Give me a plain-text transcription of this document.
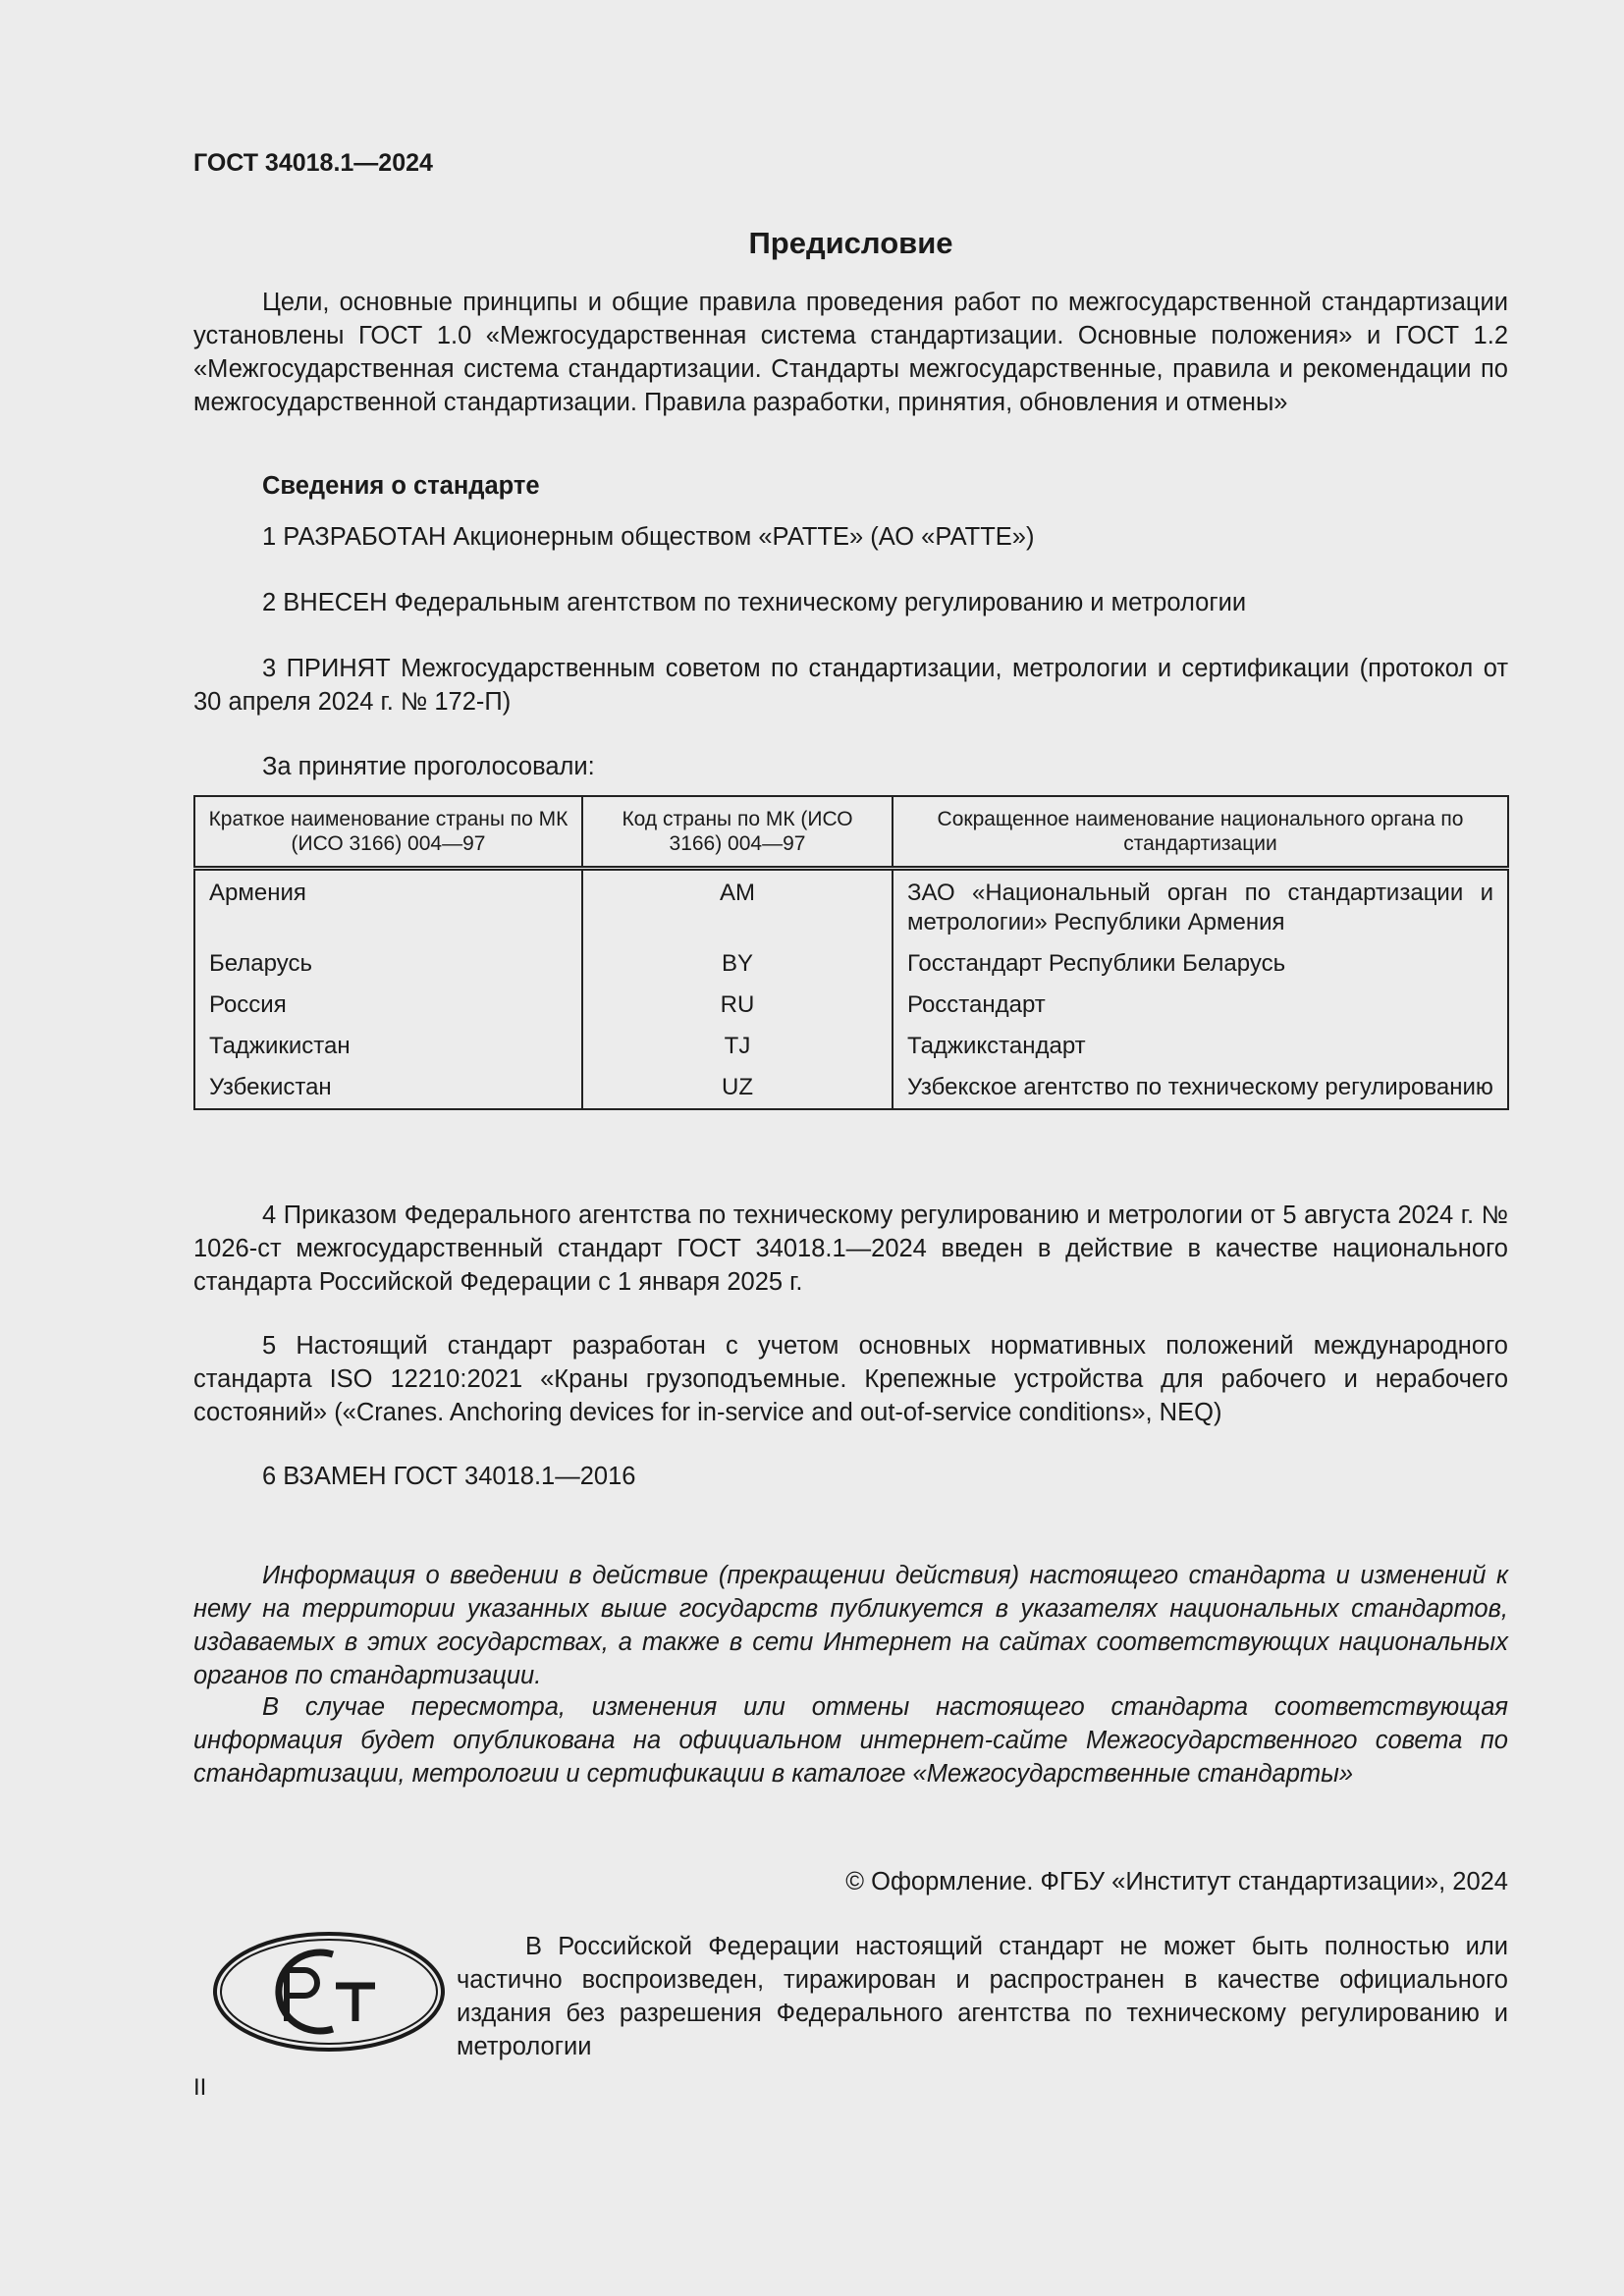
ГОСТ 34018.1—2024
Предисловие
Цели, основные принципы и общие правила проведения работ по межгосударственной стандартизации установлены ГОСТ 1.0 «Межгосударственная система стандартизации. Основные положения» и ГОСТ 1.2 «Межгосударственная система стандартизации. Стандарты межгосударственные, правила и рекомендации по межгосударственной стандартизации. Правила разработки, принятия, обновления и отмены»
Сведения о стандарте
1 РАЗРАБОТАН Акционерным обществом «РАТТЕ» (АО «РАТТЕ»)
2 ВНЕСЕН Федеральным агентством по техническому регулированию и метрологии
3 ПРИНЯТ Межгосударственным советом по стандартизации, метрологии и сертификации (протокол от 30 апреля 2024 г. № 172-П)
За принятие проголосовали:
Краткое наименование страны по МК (ИСО 3166) 004—97	Код страны по МК (ИСО 3166) 004—97	Сокращенное наименование национального органа по стандартизации
Армения	AM	ЗАО «Национальный орган по стандартизации и метрологии» Республики Армения
Беларусь	BY	Госстандарт Республики Беларусь
Россия	RU	Росстандарт
Таджикистан	TJ	Таджикстандарт
Узбекистан	UZ	Узбекское агентство по техническому регулированию
4 Приказом Федерального агентства по техническому регулированию и метрологии от 5 августа 2024 г. № 1026-ст межгосударственный стандарт ГОСТ 34018.1—2024 введен в действие в качестве национального стандарта Российской Федерации с 1 января 2025 г.
5 Настоящий стандарт разработан с учетом основных нормативных положений международного стандарта ISO 12210:2021 «Краны грузоподъемные. Крепежные устройства для рабочего и нерабочего состояний» («Cranes. Anchoring devices for in-service and out-of-service conditions», NEQ)
6 ВЗАМЕН ГОСТ 34018.1—2016
Информация о введении в действие (прекращении действия) настоящего стандарта и изменений к нему на территории указанных выше государств публикуется в указателях национальных стандартов, издаваемых в этих государствах, а также в сети Интернет на сайтах соответствующих национальных органов по стандартизации.
В случае пересмотра, изменения или отмены настоящего стандарта соответствующая информация будет опубликована на официальном интернет-сайте Межгосударственного совета по стандартизации, метрологии и сертификации в каталоге «Межгосударственные стандарты»
© Оформление. ФГБУ «Институт стандартизации», 2024
В Российской Федерации настоящий стандарт не может быть полностью или частично воспроизведен, тиражирован и распространен в качестве официального издания без разрешения Федерального агентства по техническому регулированию и метрологии
II
